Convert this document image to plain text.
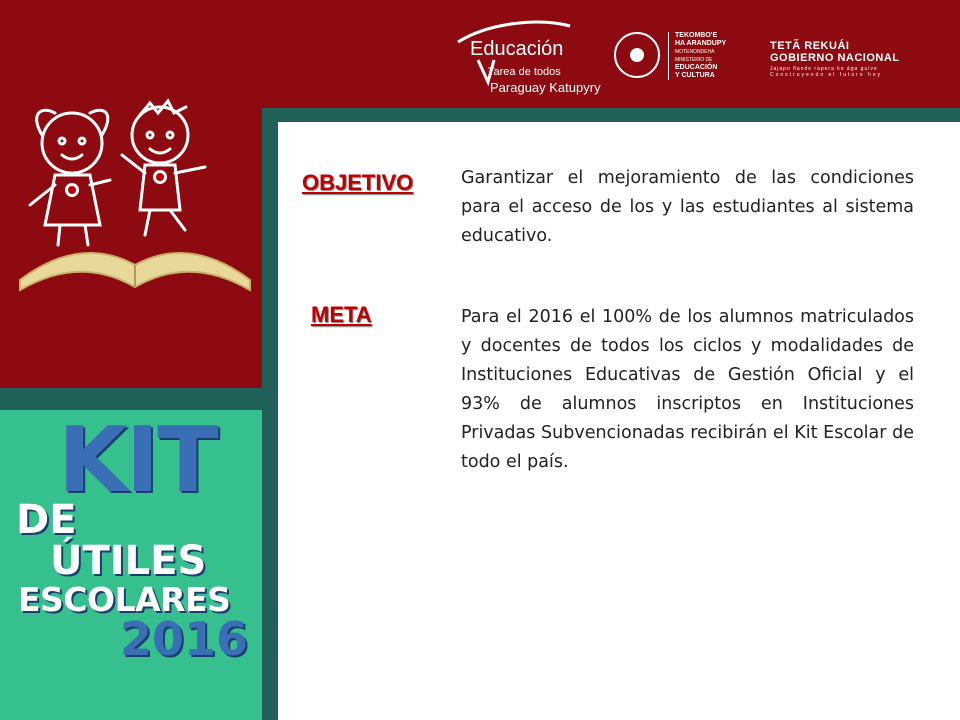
Educación
Tarea de todos
Paraguay Katupyry
TEKOMBO'E
HA ARANDUPY
MOTENONDEHA
MINISTERIO DE
EDUCACIÓN
Y CULTURA
TETÃ REKUÁI
GOBIERNO NACIONAL
Jajapo ñande rapera ko ága guive
Construyendo el futuro hoy
KIT
DE
ÚTILES
ESCOLARES
2016
OBJETIVO	Garantizar el mejoramiento de las condiciones para el acceso de los y las estudiantes al sistema educativo.
META	Para el 2016 el 100% de los alumnos matriculados y docentes de todos los ciclos y modalidades de Instituciones Educativas de Gestión Oficial y el 93% de alumnos inscriptos en Instituciones Privadas Subvencionadas recibirán el Kit Escolar de todo el país.
